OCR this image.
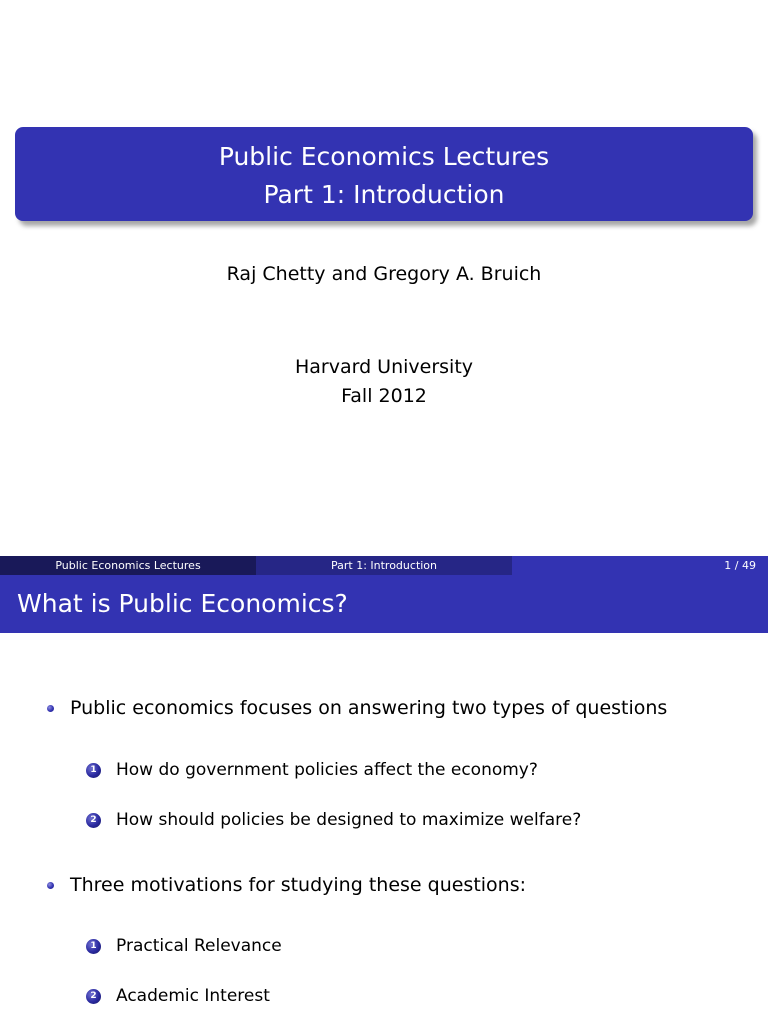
Public Economics Lectures
Part 1: Introduction
Raj Chetty and Gregory A. Bruich
Harvard University
Fall 2012
Public Economics Lectures	Part 1: Introduction	1 / 49
What is Public Economics?
Public economics focuses on answering two types of questions
1 How do government policies affect the economy?
2 How should policies be designed to maximize welfare?
Three motivations for studying these questions:
1 Practical Relevance
2 Academic Interest
